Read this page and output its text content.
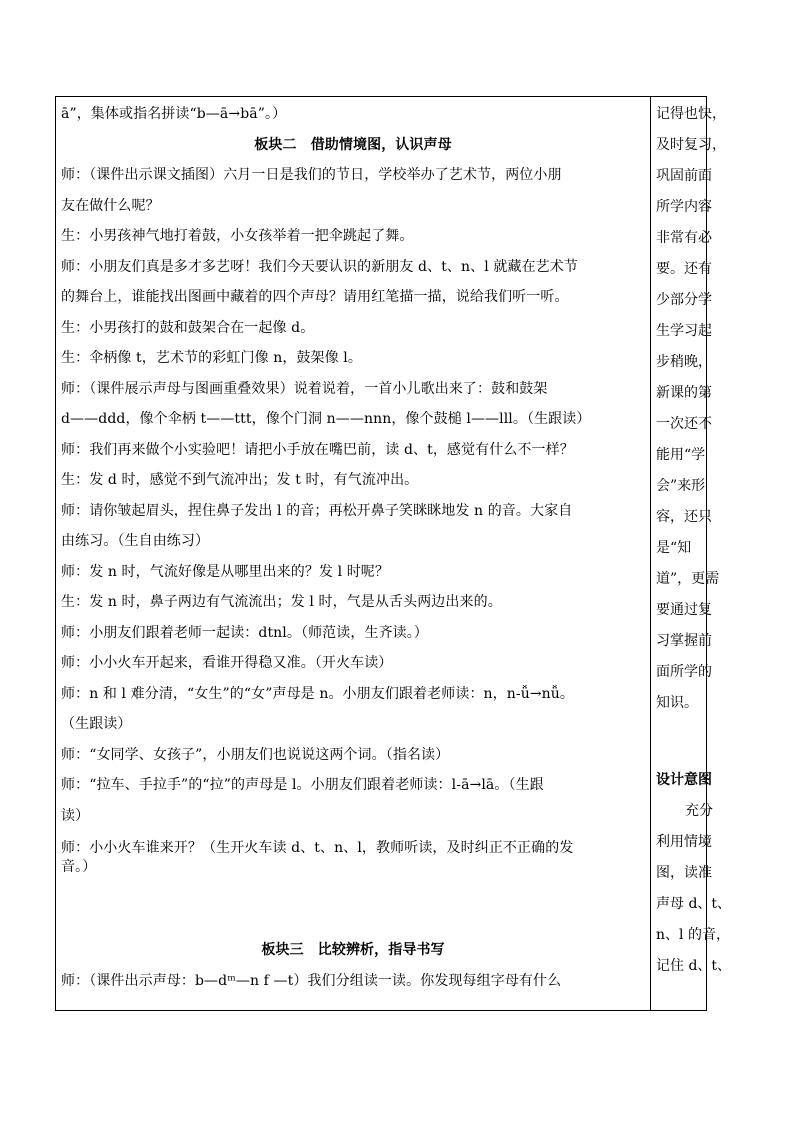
ā”，集体或指名拼读“b—ā→bā”。）

板块二　借助情境图，认识声母

师：（课件出示课文插图）六月一日是我们的节日，学校举办了艺术节，两位小朋

友在做什么呢？

生：小男孩神气地打着鼓，小女孩举着一把伞跳起了舞。

师：小朋友们真是多才多艺呀！我们今天要认识的新朋友 d、t、n、l 就藏在艺术节

的舞台上，谁能找出图画中藏着的四个声母？请用红笔描一描，说给我们听一听。

生：小男孩打的鼓和鼓架合在一起像 d。

生：伞柄像 t，艺术节的彩虹门像 n，鼓架像 l。

师：（课件展示声母与图画重叠效果）说着说着，一首小儿歌出来了：鼓和鼓架

d——ddd，像个伞柄 t——ttt，像个门洞 n——nnn，像个鼓槌 l——lll。（生跟读）

师：我们再来做个小实验吧！请把小手放在嘴巴前，读 d、t，感觉有什么不一样？

生：发 d 时，感觉不到气流冲出；发 t 时，有气流冲出。

师：请你皱起眉头，捏住鼻子发出 l 的音；再松开鼻子笑眯眯地发 n 的音。大家自

由练习。（生自由练习）

师：发 n 时，气流好像是从哪里出来的？发 l 时呢？

生：发 n 时，鼻子两边有气流流出；发 l 时，气是从舌头两边出来的。

师：小朋友们跟着老师一起读：dtnl。（师范读，生齐读。）

师：小小火车开起来，看谁开得稳又准。（开火车读）

师：n 和 l 难分清，“女生”的“女”声母是 n。小朋友们跟着老师读：n，n-ǚ→nǚ。

（生跟读）

师：“女同学、女孩子”，小朋友们也说说这两个词。（指名读）

师：“拉车、手拉手”的“拉”的声母是 l。小朋友们跟着老师读：l-ā→lā。（生跟

读）

师：小小火车谁来开？（生开火车读 d、t、n、l，教师听读，及时纠正不正确的发

音。）

板块三　比较辨析，指导书写

师：（课件出示声母：b—dᵐ—n f —t）我们分组读一读。你发现每组字母有什么

记得也快，

及时复习，

巩固前面

所学内容

非常有必

要。还有

少部分学

生学习起

步稍晚，

新课的第

一次还不

能用“学

会”来形

容，还只

是“知

道”，更需

要通过复

习掌握前

面所学的

知识。

设计意图

充分

利用情境

图，读准

声母 d、t、

n、l 的音，

记住 d、t、
